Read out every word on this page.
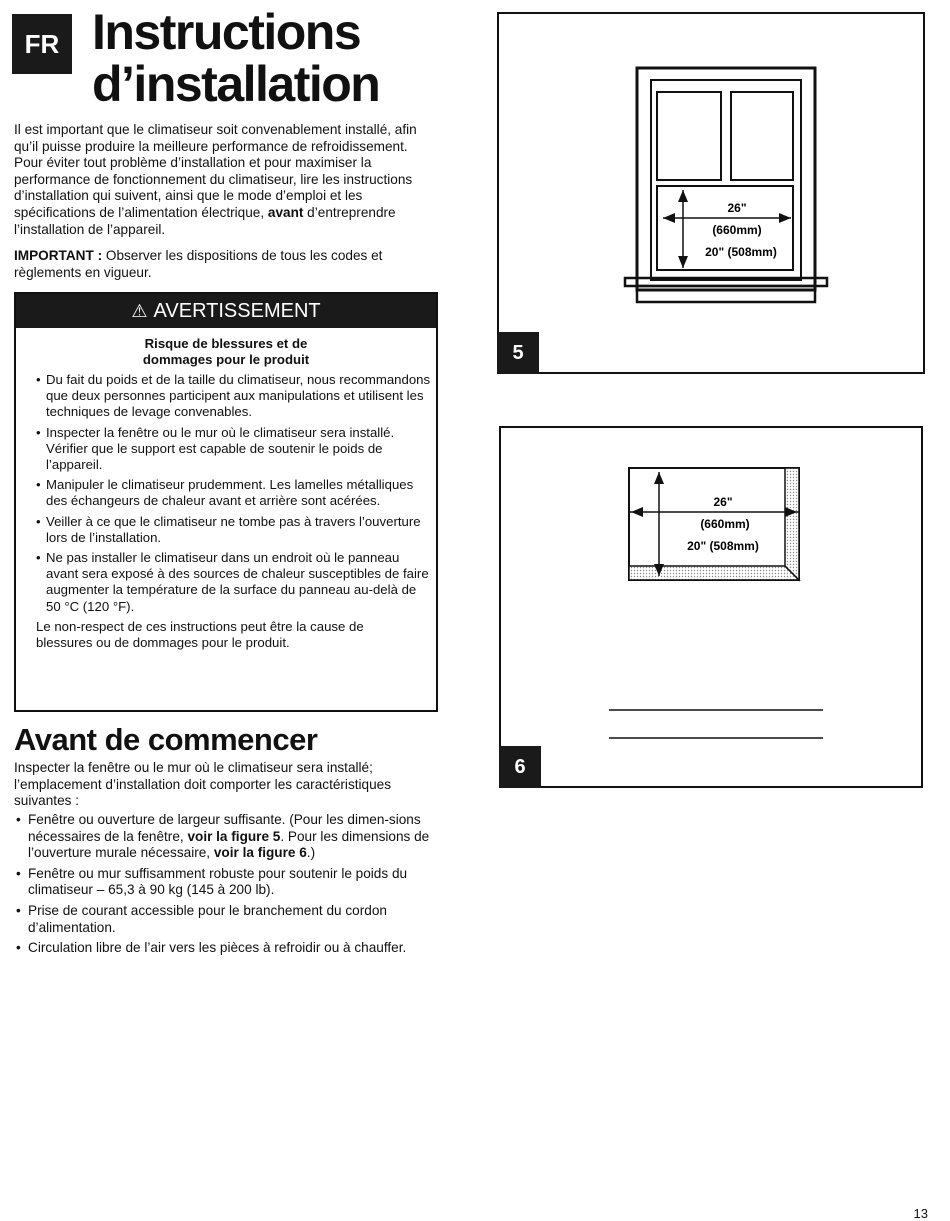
FR Instructions
d’installation

Il est important que le climatiseur soit convenablement installé, afin qu’il puisse produire la meilleure performance de refroidissement. Pour éviter tout problème d’installation et pour maximiser la performance de fonctionnement du climatiseur, lire les instructions d’installation qui suivent, ainsi que le mode d’emploi et les spécifications de l’alimentation électrique, avant d’entreprendre l’installation de l’appareil.

IMPORTANT : Observer les dispositions de tous les codes et règlements en vigueur.

⚠ AVERTISSEMENT
Risque de blessures et de
dommages pour le produit
• Du fait du poids et de la taille du climatiseur, nous recommandons que deux personnes participent aux manipulations et utilisent les techniques de levage convenables.
• Inspecter la fenêtre ou le mur où le climatiseur sera installé. Vérifier que le support est capable de soutenir le poids de l’appareil.
• Manipuler le climatiseur prudemment. Les lamelles métalliques des échangeurs de chaleur avant et arrière sont acérées.
• Veiller à ce que le climatiseur ne tombe pas à travers l’ouverture lors de l’installation.
• Ne pas installer le climatiseur dans un endroit où le panneau avant sera exposé à des sources de chaleur susceptibles de faire augmenter la température de la surface du panneau au-delà de 50 °C (120 °F).

Le non-respect de ces instructions peut être la cause de blessures ou de dommages pour le produit.

Avant de commencer

Inspecter la fenêtre ou le mur où le climatiseur sera installé; l’emplacement d’installation doit comporter les caractéristiques suivantes :

• Fenêtre ou ouverture de largeur suffisante. (Pour les dimen-sions nécessaires de la fenêtre, voir la figure 5. Pour les dimensions de l’ouverture murale nécessaire, voir la figure 6.)
• Fenêtre ou mur suffisamment robuste pour soutenir le poids du climatiseur – 65,3 à 90 kg (145 à 200 lb).
• Prise de courant accessible pour le branchement du cordon d’alimentation.
• Circulation libre de l’air vers les pièces à refroidir ou à chauffer.
26"
(660mm)
20" (508mm)
5
26"
(660mm)
20" (508mm)
6
13
